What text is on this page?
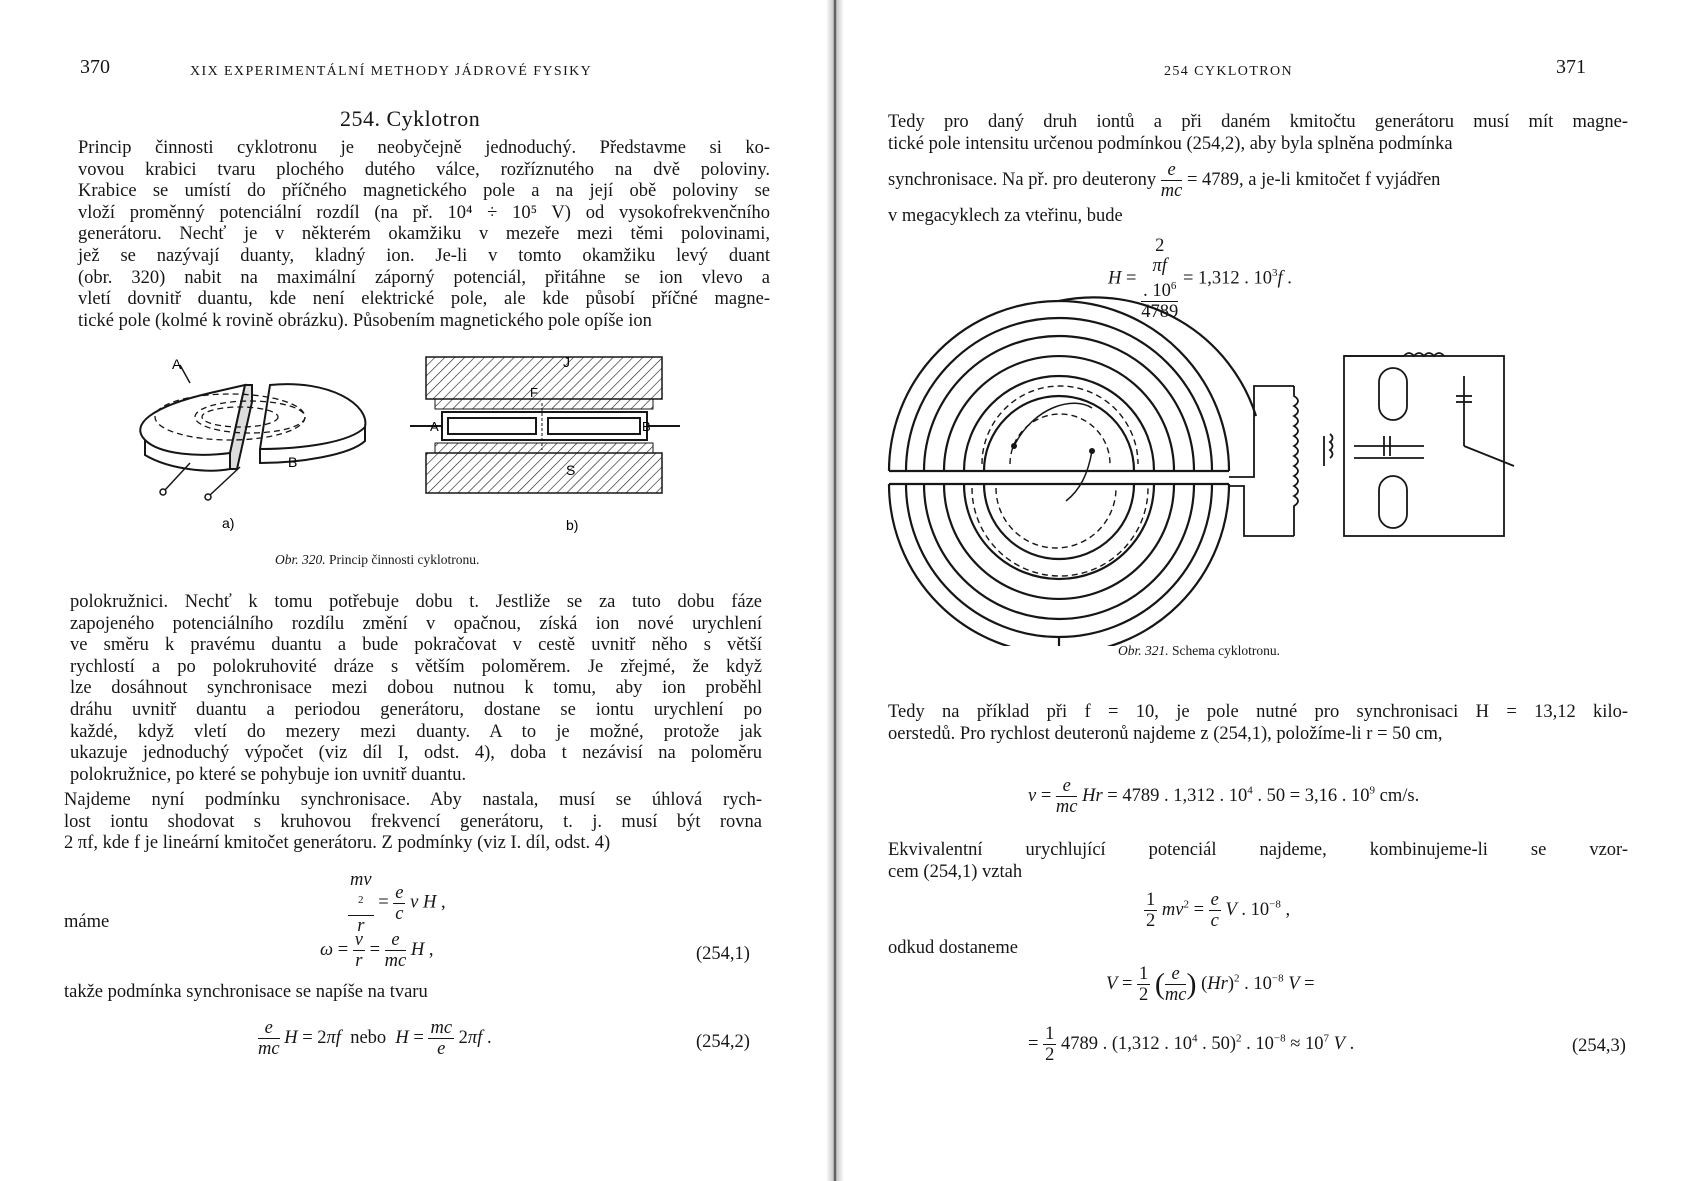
370	XIX EXPERIMENTÁLNÍ METHODY JÁDROVÉ FYSIKY
254. Cyklotron
Princip činnosti cyklotronu je neobyčejně jednoduchý. Představme si ko-
vovou krabici tvaru plochého dutého válce, rozříznutého na dvě poloviny.
Krabice se umístí do příčného magnetického pole a na její obě poloviny se
vloží proměnný potenciální rozdíl (na př. 10⁴ ÷ 10⁵ V) od vysokofrekvenčního
generátoru. Nechť je v některém okamžiku v mezeře mezi těmi polovinami,
jež se nazývají duanty, kladný ion. Je-li v tomto okamžiku levý duant
(obr. 320) nabit na maximální záporný potenciál, přitáhne se ion vlevo a
vletí dovnitř duantu, kde není elektrické pole, ale kde působí příčné magne-
tické pole (kolmé k rovině obrázku). Působením magnetického pole opíše ion
A
B
a)
J
F
A	B
S
b)
Obr. 320. Princip činnosti cyklotronu.
polokružnici. Nechť k tomu potřebuje dobu t. Jestliže se za tuto dobu fáze
zapojeného potenciálního rozdílu změní v opačnou, získá ion nové urychlení
ve směru k pravému duantu a bude pokračovat v cestě uvnitř něho s větší
rychlostí a po polokruhovité dráze s větším poloměrem. Je zřejmé, že když
lze dosáhnout synchronisace mezi dobou nutnou k tomu, aby ion proběhl
dráhu uvnitř duantu a periodou generátoru, dostane se iontu urychlení po
každé, když vletí do mezery mezi duanty. A to je možné, protože jak
ukazuje jednoduchý výpočet (viz díl I, odst. 4), doba t nezávisí na poloměru
polokružnice, po které se pohybuje ion uvnitř duantu.
Najdeme nyní podmínku synchronisace. Aby nastala, musí se úhlová rych-
lost iontu shodovat s kruhovou frekvencí generátoru, t. j. musí být rovna
2 πf, kde f je lineární kmitočet generátoru. Z podmínky (viz I. díl, odst. 4)
mv
$^2$
$r = \frac{e}{c}$ v H ,
máme
$\omega = \frac{v}{r} = \frac{e}{mc}$ H ,	(254,1)
takže podmínka synchronisace se napíše na tvaru
$\frac{e}{mc}$ H = 2πf  nebo  $H = \frac{mc}{e} 2\pi f$ .	(254,2)
254 CYKLOTRON	371
Tedy pro daný druh iontů a při daném kmitočtu generátoru musí mít magne-
tické pole intensitu určenou podmínkou (254,2), aby byla splněna podmínka
synchronisace. Na př. pro deuterony $\frac{e}{mc} = 4789$, a je-li kmitočet f vyjádřen
v megacyklech za vteřinu, bude
H = 2
πf
. $10^6$
4789 = 1,312 . $10^3f$ .
Obr. 321. Schema cyklotronu.
Tedy na příklad při f = 10, je pole nutné pro synchronisaci H = 13,12 kilo-
oerstedů. Pro rychlost deuteronů najdeme z (254,1), položíme-li r = 50 cm,
$v = \frac{e}{mc}$ Hr = 4789 . 1,312 . $10^4$ . 50 = 3,16 . $10^9$ cm/s.
Ekvivalentní urychlující potenciál najdeme, kombinujeme-li se vzor-
cem (254,1) vztah
$\frac{1}{2} mv^2 = \frac{e}{c}$ V . $10^{-8}$ ,
odkud dostaneme
$V = \frac{1}{2}$ ( $\frac{e}{mc}$ ) $(Hr)^2$ . $10^{-8}$ V =
= $\frac{1}{2} 4789$ . (1,312 . $10^4$ . 50)$^2$ . $10^{-8} \approx 10^7$ V .	(254,3)
